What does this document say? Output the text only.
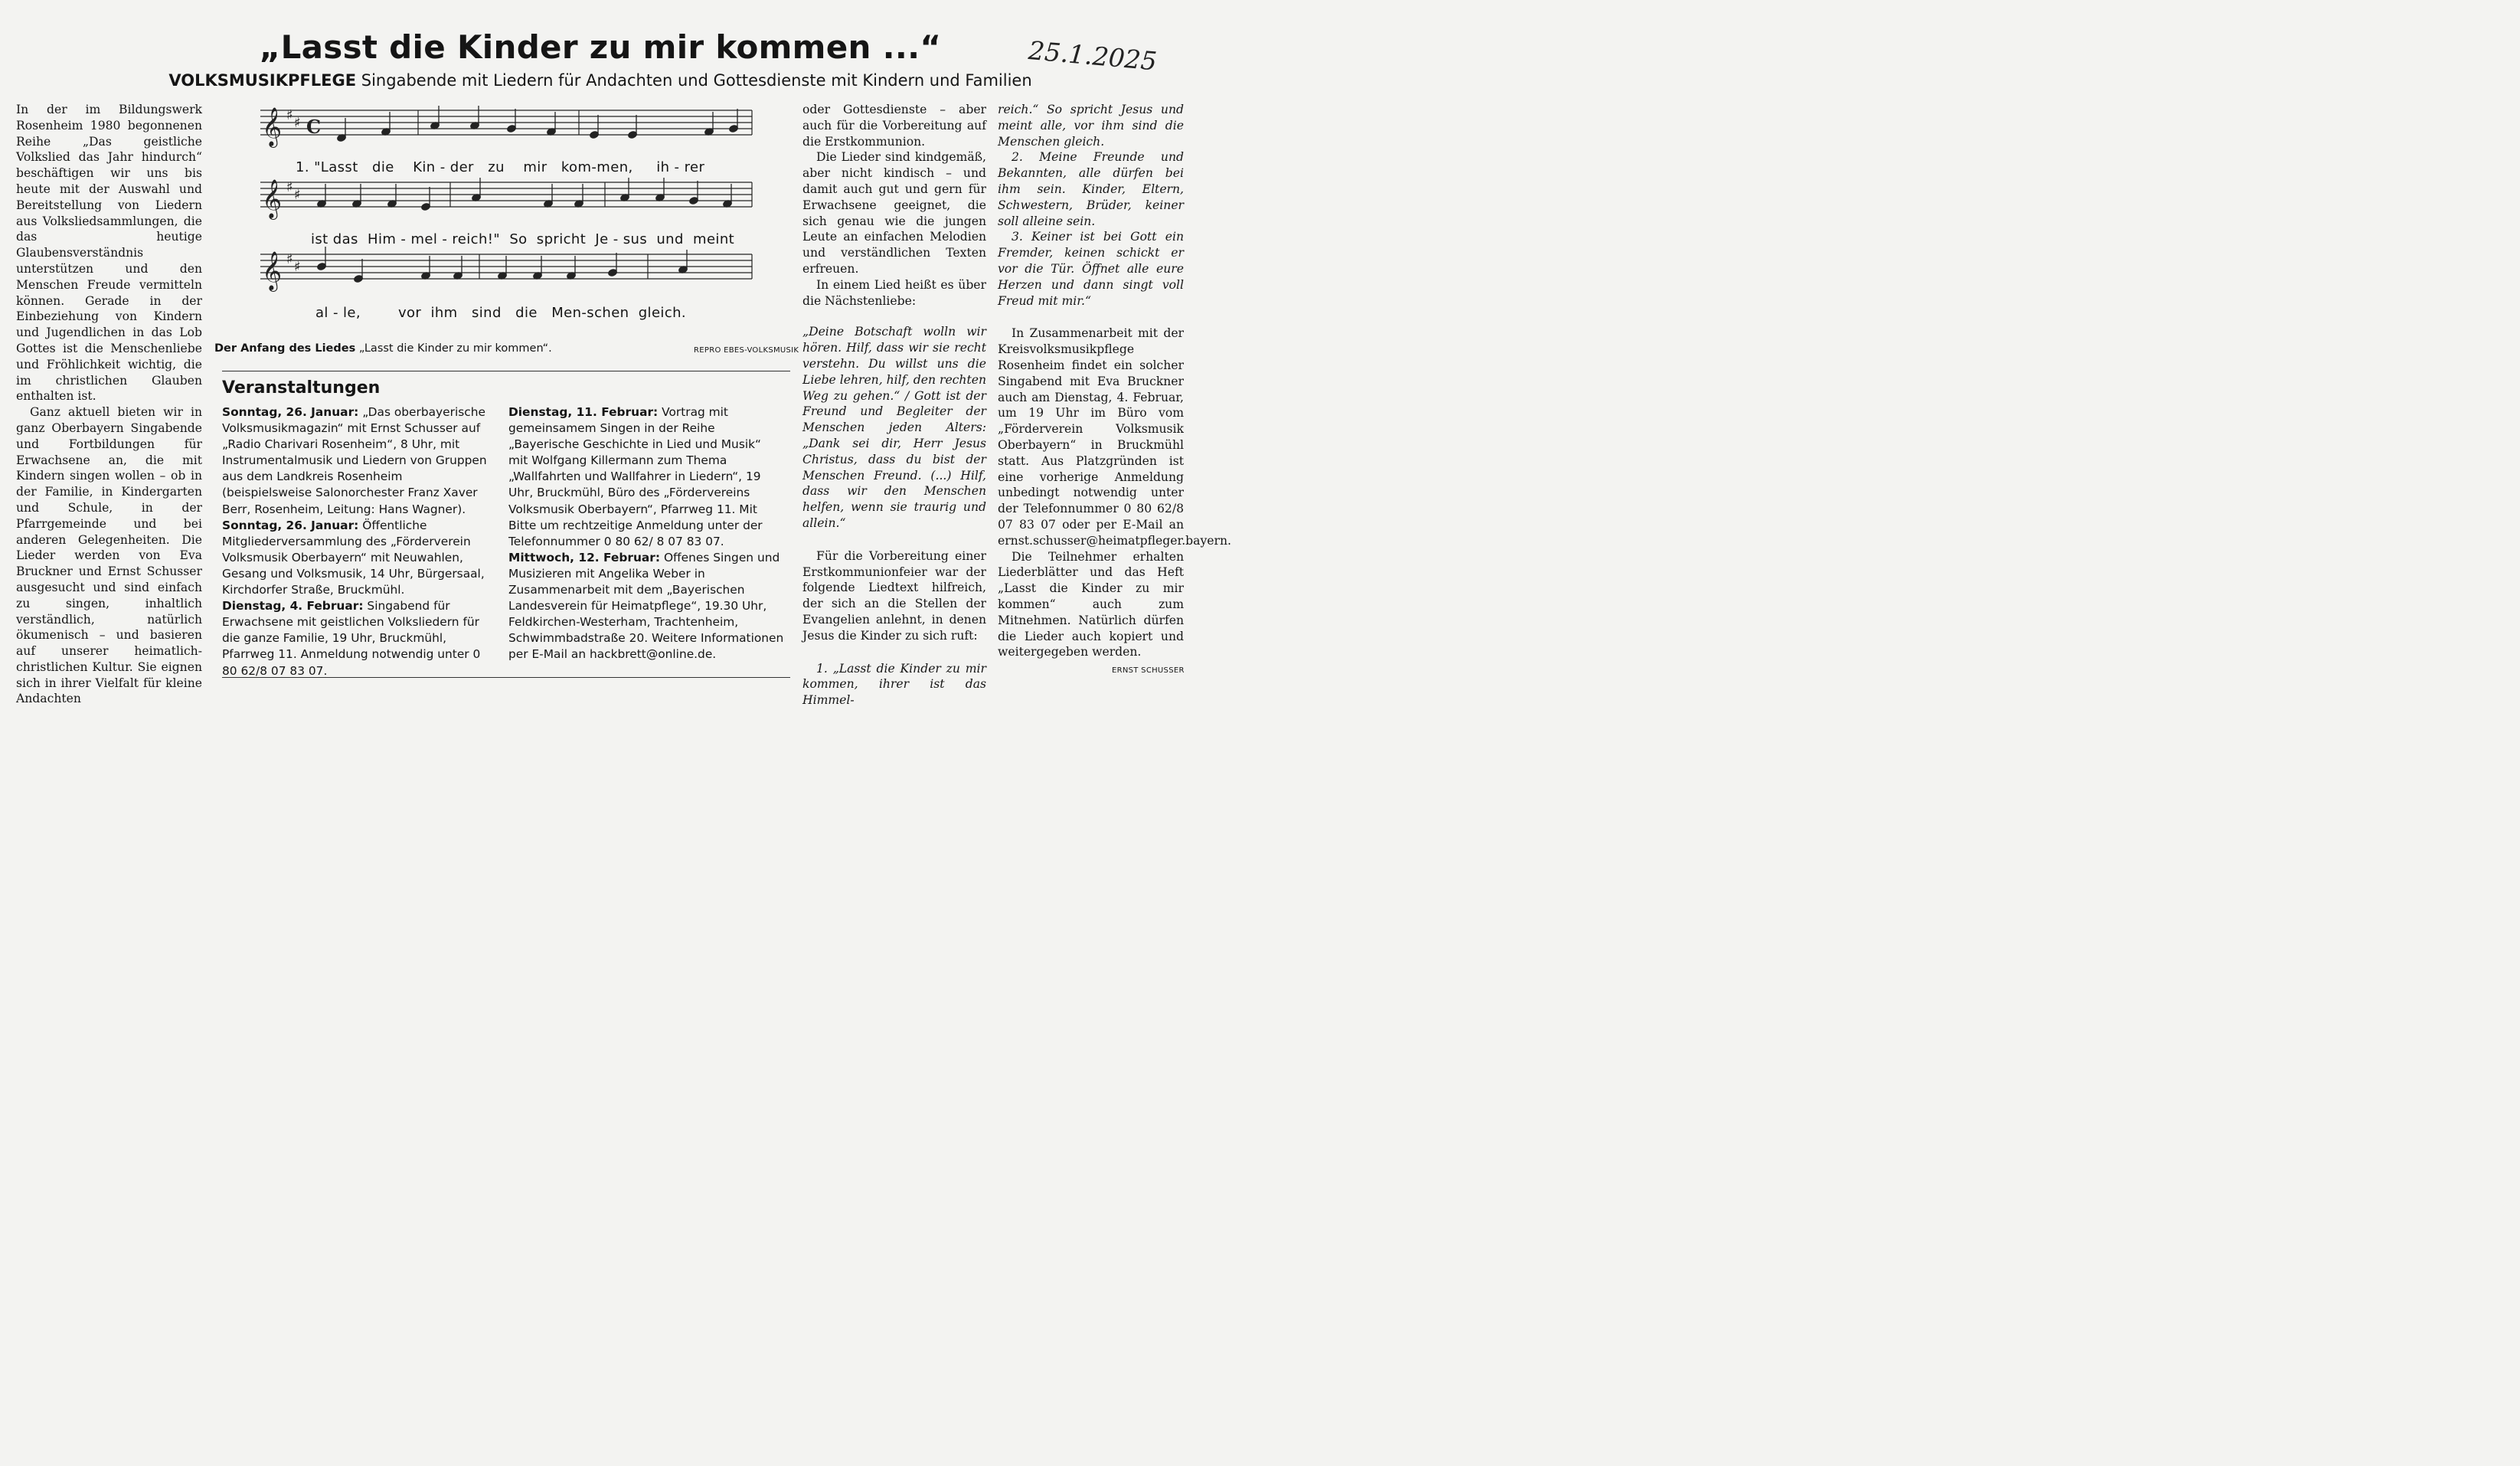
„Lasst die Kinder zu mir kommen ...“	25.1.2025
VOLKSMUSIKPFLEGE Singabende mit Liedern für Andachten und Gottesdienste mit Kindern und Familien

In der im Bildungswerk Rosenheim 1980 begonnenen Reihe „Das geistliche Volkslied das Jahr hindurch“ beschäftigen wir uns bis heute mit der Auswahl und Bereitstellung von Liedern aus Volksliedsammlungen, die das heutige Glaubensverständnis unterstützen und den Menschen Freude vermitteln können. Gerade in der Einbeziehung von Kindern und Jugendlichen in das Lob Gottes ist die Menschenliebe und Fröhlichkeit wichtig, die im christlichen Glauben enthalten ist.

Ganz aktuell bieten wir in ganz Oberbayern Singabende und Fortbildungen für Erwachsene an, die mit Kindern singen wollen – ob in der Familie, in Kindergarten und Schule, in der Pfarrgemeinde und bei anderen Gelegenheiten. Die Lieder werden von Eva Bruckner und Ernst Schusser ausgesucht und sind einfach zu singen, inhaltlich verständlich, natürlich ökumenisch – und basieren auf unserer heimatlich-christlichen Kultur. Sie eignen sich in ihrer Vielfalt für kleine Andachten

𝄞
𝄞
𝄞
♯ ♯
♯ ♯
♯ ♯
C
1. "Lasst   die    Kin - der   zu    mir   kom-men,     ih - rer
ist das  Him - mel - reich!"  So  spricht  Je - sus  und  meint
al - le,        vor  ihm   sind   die   Men-schen  gleich.
Der Anfang des Liedes „Lasst die Kinder zu mir kommen“.	REPRO EBES-VOLKSMUSIK
Veranstaltungen

Sonntag, 26. Januar: „Das oberbayerische Volksmusikmagazin“ mit Ernst Schusser auf „Radio Charivari Rosenheim“, 8 Uhr, mit Instrumentalmusik und Liedern von Gruppen aus dem Landkreis Rosenheim (beispielsweise Salonorchester Franz Xaver Berr, Rosenheim, Leitung: Hans Wagner).

Sonntag, 26. Januar: Öffentliche Mitgliederversammlung des „Förderverein Volksmusik Oberbayern“ mit Neuwahlen, Gesang und Volksmusik, 14 Uhr, Bürgersaal, Kirchdorfer Straße, Bruckmühl.

Dienstag, 4. Februar: Singabend für Erwachsene mit geistlichen Volksliedern für die ganze Familie, 19 Uhr, Bruckmühl, Pfarrweg 11. Anmeldung notwendig unter 0 80 62/8 07 83 07.

Dienstag, 11. Februar: Vortrag mit gemeinsamem Singen in der Reihe „Bayerische Geschichte in Lied und Musik“ mit Wolfgang Killermann zum Thema „Wallfahrten und Wallfahrer in Liedern“, 19 Uhr, Bruckmühl, Büro des „Fördervereins Volksmusik Oberbayern“, Pfarrweg 11. Mit Bitte um rechtzeitige Anmeldung unter der Telefonnummer 0 80 62/ 8 07 83 07.

Mittwoch, 12. Februar: Offenes Singen und Musizieren mit Angelika Weber in Zusammenarbeit mit dem „Bayerischen Landesverein für Heimatpflege“, 19.30 Uhr, Feldkirchen-Westerham, Trachtenheim, Schwimmbadstraße 20. Weitere Informationen per E-Mail an hackbrett@online.de.

oder Gottesdienste – aber auch für die Vorbereitung auf die Erstkommunion.

Die Lieder sind kindgemäß, aber nicht kindisch – und damit auch gut und gern für Erwachsene geeignet, die sich genau wie die jungen Leute an einfachen Melodien und verständlichen Texten erfreuen.

In einem Lied heißt es über die Nächstenliebe:

„Deine Botschaft wolln wir hören. Hilf, dass wir sie recht verstehn. Du willst uns die Liebe lehren, hilf, den rechten Weg zu gehen.“ / Gott ist der Freund und Begleiter der Menschen jeden Alters: „Dank sei dir, Herr Jesus Christus, dass du bist der Menschen Freund. (...) Hilf, dass wir den Menschen helfen, wenn sie traurig und allein.“

Für die Vorbereitung einer Erstkommunionfeier war der folgende Liedtext hilfreich, der sich an die Stellen der Evangelien anlehnt, in denen Jesus die Kinder zu sich ruft:

1. „Lasst die Kinder zu mir kommen, ihrer ist das Himmel-

reich.“ So spricht Jesus und meint alle, vor ihm sind die Menschen gleich.

2. Meine Freunde und Bekannten, alle dürfen bei ihm sein. Kinder, Eltern, Schwestern, Brüder, keiner soll alleine sein.

3. Keiner ist bei Gott ein Fremder, keinen schickt er vor die Tür. Öffnet alle eure Herzen und dann singt voll Freud mit mir.“

In Zusammenarbeit mit der Kreisvolksmusikpflege Rosenheim findet ein solcher Singabend mit Eva Bruckner auch am Dienstag, 4. Februar, um 19 Uhr im Büro vom „Förderverein Volksmusik Oberbayern“ in Bruckmühl statt. Aus Platzgründen ist eine vorherige Anmeldung unbedingt notwendig unter der Telefonnummer 0 80 62/8 07 83 07 oder per E-Mail an ernst.schusser@heimatpfleger.bayern.

Die Teilnehmer erhalten Liederblätter und das Heft „Lasst die Kinder zu mir kommen“ auch zum Mitnehmen. Natürlich dürfen die Lieder auch kopiert und weitergegeben werden.

ERNST SCHUSSER
